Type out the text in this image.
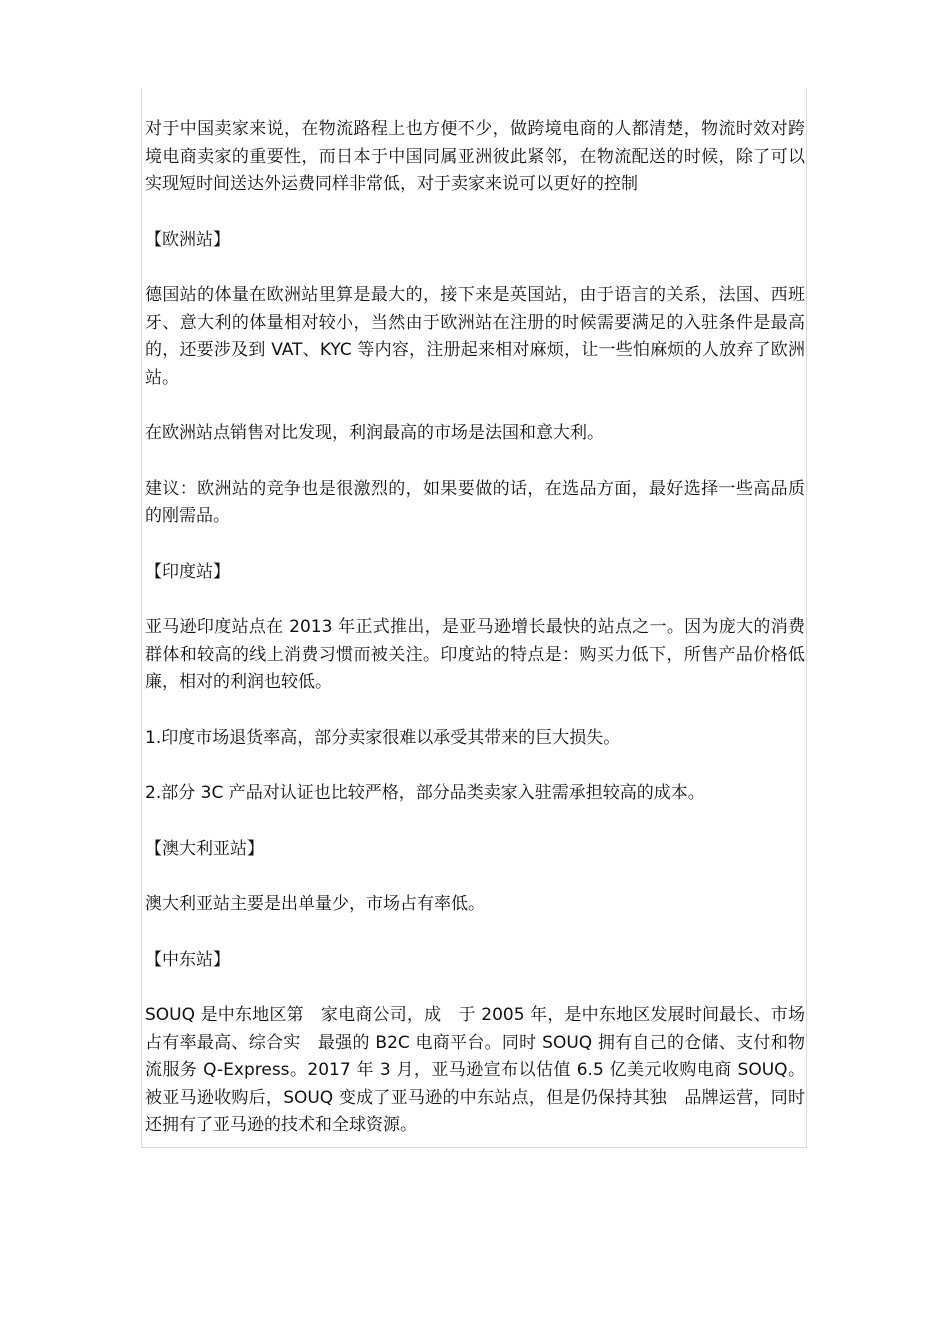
对于中国卖家来说，在物流路程上也方便不少，做跨境电商的人都清楚，物流时效对跨境电商卖家的重要性，而日本于中国同属亚洲彼此紧邻，在物流配送的时候，除了可以实现短时间送达外运费同样非常低，对于卖家来说可以更好的控制

【欧洲站】

德国站的体量在欧洲站里算是最大的，接下来是英国站，由于语言的关系，法国、西班牙、意大利的体量相对较小，当然由于欧洲站在注册的时候需要满足的入驻条件是最高的，还要涉及到 VAT、KYC 等内容，注册起来相对麻烦，让一些怕麻烦的人放弃了欧洲站。

在欧洲站点销售对比发现，利润最高的市场是法国和意大利。

建议：欧洲站的竞争也是很激烈的，如果要做的话，在选品方面，最好选择一些高品质的刚需品。

【印度站】

亚马逊印度站点在 2013 年正式推出，是亚马逊增长最快的站点之一。因为庞大的消费群体和较高的线上消费习惯而被关注。印度站的特点是：购买力低下，所售产品价格低廉，相对的利润也较低。

1.印度市场退货率高，部分卖家很难以承受其带来的巨大损失。

2.部分 3C 产品对认证也比较严格，部分品类卖家入驻需承担较高的成本。

【澳大利亚站】

澳大利亚站主要是出单量少，市场占有率低。

【中东站】

SOUQ 是中东地区第　家电商公司，成　于 2005 年，是中东地区发展时间最长、市场占有率最高、综合实　最强的 B2C 电商平台。同时 SOUQ 拥有自己的仓储、支付和物流服务 Q-Express。2017 年 3 月，亚马逊宣布以估值 6.5 亿美元收购电商 SOUQ。被亚马逊收购后，SOUQ 变成了亚马逊的中东站点，但是仍保持其独　品牌运营，同时还拥有了亚马逊的技术和全球资源。
